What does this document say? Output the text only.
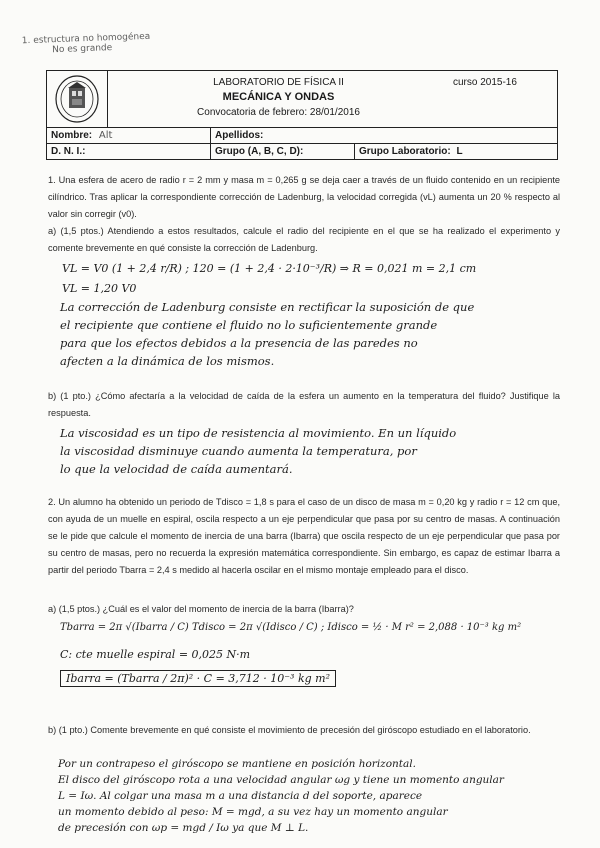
1. estructura no homogénea
No es grande
LABORATORIO DE FÍSICA II
MECÁNICA Y ONDAS
Convocatoria de febrero: 28/01/2016
curso 2015-16
Nombre: Alt	Apellidos:
D. N. I.:	Grupo (A, B, C, D):	Grupo Laboratorio: L
1. Una esfera de acero de radio r = 2 mm y masa m = 0,265 g se deja caer a través de un fluido contenido en un recipiente cilíndrico. Tras aplicar la correspondiente corrección de Ladenburg, la velocidad corregida (vL) aumenta un 20 % respecto al valor sin corregir (v0).
a) (1,5 ptos.) Atendiendo a estos resultados, calcule el radio del recipiente en el que se ha realizado el experimento y comente brevemente en qué consiste la corrección de Ladenburg.
VL = V0 (1 + 2,4 r/R) ; 120 = (1 + 2,4 · 2·10⁻³/R) ⇒ R = 0,021 m = 2,1 cm
VL = 1,20 V0
La corrección de Ladenburg consiste en rectificar la suposición de que
el recipiente que contiene el fluido no lo suficientemente grande
para que los efectos debidos a la presencia de las paredes no
afecten a la dinámica de los mismos.
b) (1 pto.) ¿Cómo afectaría a la velocidad de caída de la esfera un aumento en la temperatura del fluido? Justifique la respuesta.
La viscosidad es un tipo de resistencia al movimiento. En un líquido
la viscosidad disminuye cuando aumenta la temperatura, por
lo que la velocidad de caída aumentará.
2. Un alumno ha obtenido un periodo de Tdisco = 1,8 s para el caso de un disco de masa m = 0,20 kg y radio r = 12 cm que, con ayuda de un muelle en espiral, oscila respecto a un eje perpendicular que pasa por su centro de masas. A continuación se le pide que calcule el momento de inercia de una barra (Ibarra) que oscila respecto de un eje perpendicular que pasa por su centro de masas, pero no recuerda la expresión matemática correspondiente. Sin embargo, es capaz de estimar Ibarra a partir del periodo Tbarra = 2,4 s medido al hacerla oscilar en el mismo montaje empleado para el disco.
a) (1,5 ptos.) ¿Cuál es el valor del momento de inercia de la barra (Ibarra)?
Tbarra = 2π √(Ibarra / C) Tdisco = 2π √(Idisco / C) ; Idisco = ½ · M r² = 2,088 · 10⁻³ kg m²
C: cte muelle espiral = 0,025 N·m
Ibarra = (Tbarra / 2π)² · C = 3,712 · 10⁻³ kg m²
b) (1 pto.) Comente brevemente en qué consiste el movimiento de precesión del giróscopo estudiado en el laboratorio.
Por un contrapeso el giróscopo se mantiene en posición horizontal.
El disco del giróscopo rota a una velocidad angular ωg y tiene un momento angular
L = Iω. Al colgar una masa m a una distancia d del soporte, aparece
un momento debido al peso: M = mgd, a su vez hay un momento angular
de precesión con ωp = mgd / Iω ya que M ⊥ L.
